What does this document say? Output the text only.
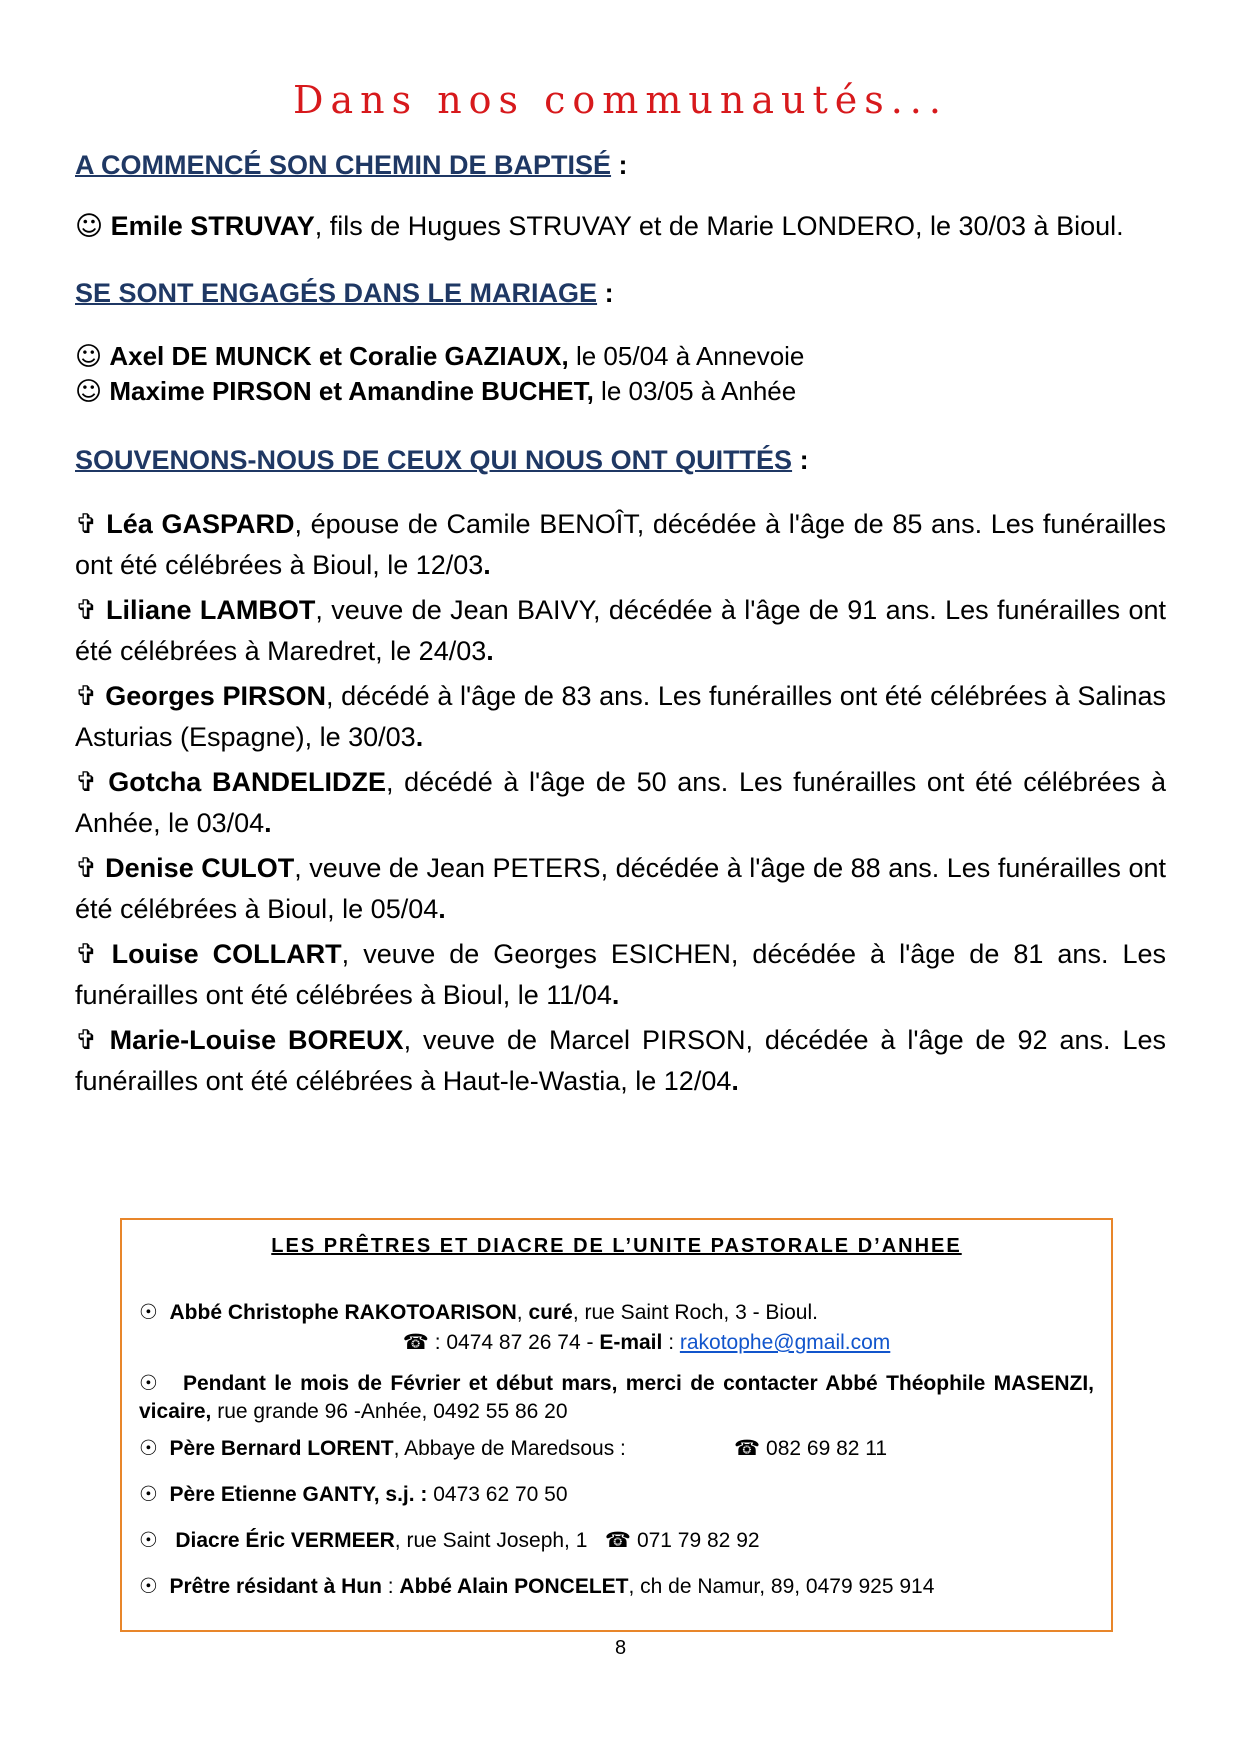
Dans nos communautés...

A COMMENCÉ SON CHEMIN DE BAPTISÉ :

☺ Emile STRUVAY, fils de Hugues STRUVAY et de Marie LONDERO, le 30/03 à Bioul.

SE SONT ENGAGÉS DANS LE MARIAGE :

☺ Axel DE MUNCK et Coralie GAZIAUX, le 05/04 à Annevoie

☺ Maxime PIRSON et Amandine BUCHET, le 03/05 à Anhée

SOUVENONS-NOUS DE CEUX QUI NOUS ONT QUITTÉS :

✞ Léa GASPARD, épouse de Camile BENOÎT, décédée à l'âge de 85 ans. Les funérailles ont été célébrées à Bioul, le 12/03.

✞ Liliane LAMBOT, veuve de Jean BAIVY, décédée à l'âge de 91 ans. Les funérailles ont été célébrées à Maredret, le 24/03.

✞ Georges PIRSON, décédé à l'âge de 83 ans. Les funérailles ont été célébrées à Salinas Asturias (Espagne), le 30/03.

✞ Gotcha BANDELIDZE, décédé à l'âge de 50 ans. Les funérailles ont été célébrées à Anhée, le 03/04.

✞ Denise CULOT, veuve de Jean PETERS, décédée à l'âge de 88 ans. Les funérailles ont été célébrées à Bioul, le 05/04.

✞ Louise COLLART, veuve de Georges ESICHEN, décédée à l'âge de 81 ans. Les funérailles ont été célébrées à Bioul, le 11/04.

✞ Marie-Louise BOREUX, veuve de Marcel PIRSON, décédée à l'âge de 92 ans. Les funérailles ont été célébrées à Haut-le-Wastia, le 12/04.

LES PRÊTRES ET DIACRE DE L’UNITE PASTORALE D’ANHEE
☉ Abbé Christophe RAKOTOARISON, curé, rue Saint Roch, 3 - Bioul.
☎ : 0474 87 26 74 - E-mail : rakotophe@gmail.com
☉ Pendant le mois de Février et début mars, merci de contacter Abbé Théophile MASENZI, vicaire, rue grande 96 -Anhée, 0492 55 86 20
☉ Père Bernard LORENT, Abbaye de Maredsous :	☎ 082 69 82 11
☉ Père Etienne GANTY, s.j. : 0473 62 70 50
☉ Diacre Éric VERMEER, rue Saint Joseph, 1 ☎ 071 79 82 92
☉ Prêtre résidant à Hun : Abbé Alain PONCELET, ch de Namur, 89, 0479 925 914
8
